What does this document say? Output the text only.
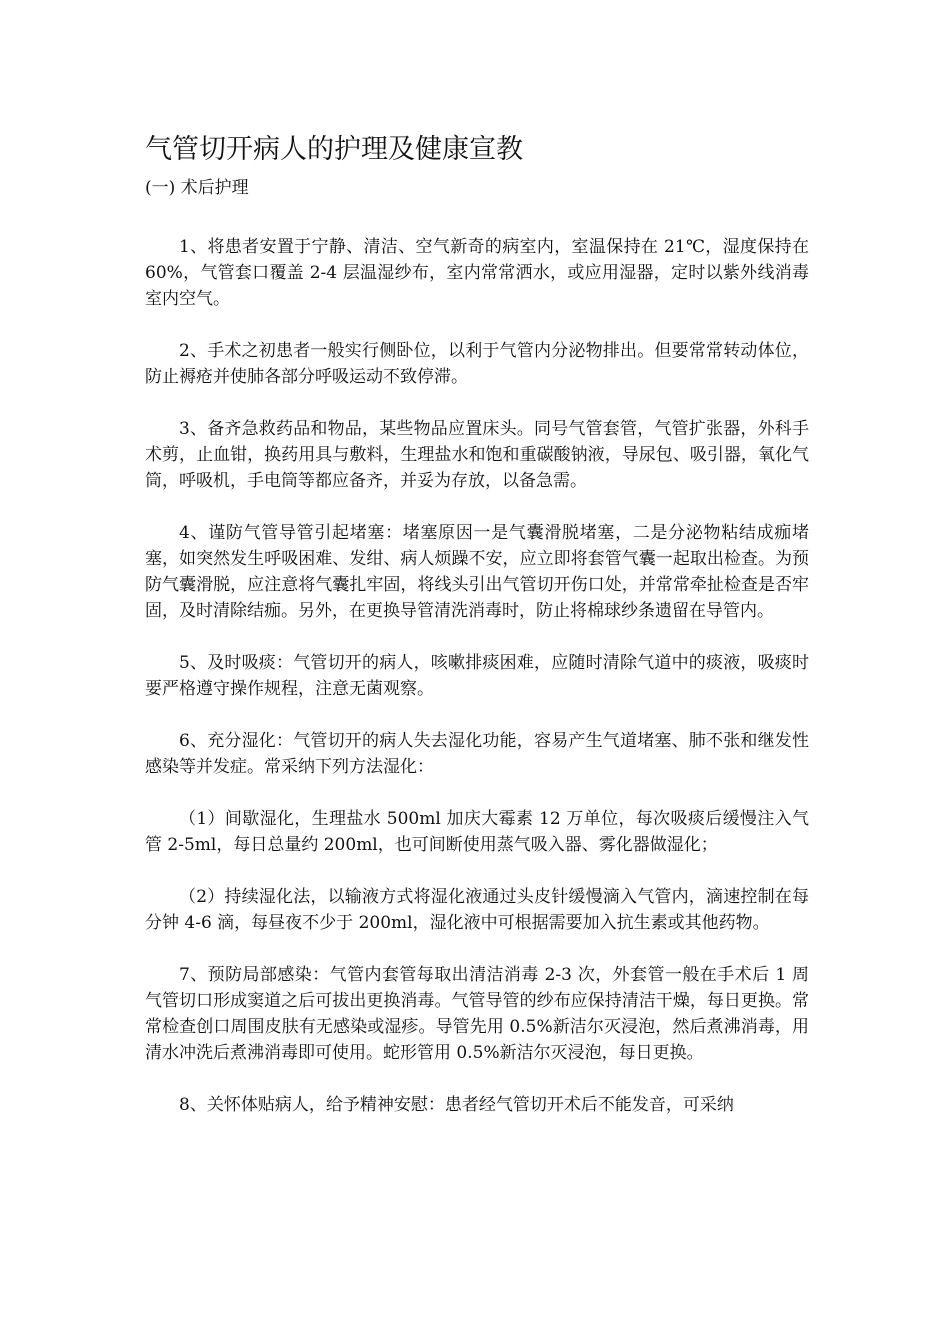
气管切开病人的护理及健康宣教
(一) 术后护理

1、将患者安置于宁静、清洁、空气新奇的病室内，室温保持在 21℃，湿度保持在 60%，气管套口覆盖 2-4 层温湿纱布，室内常常洒水，或应用湿器，定时以紫外线消毒室内空气。

2、手术之初患者一般实行侧卧位，以利于气管内分泌物排出。但要常常转动体位，防止褥疮并使肺各部分呼吸运动不致停滞。

3、备齐急救药品和物品，某些物品应置床头。同号气管套管，气管扩张器，外科手术剪，止血钳，换药用具与敷料，生理盐水和饱和重碳酸钠液，导尿包、吸引器，氧化气筒，呼吸机，手电筒等都应备齐，并妥为存放，以备急需。

4、谨防气管导管引起堵塞：堵塞原因一是气囊滑脱堵塞，二是分泌物粘结成痂堵塞，如突然发生呼吸困难、发绀、病人烦躁不安，应立即将套管气囊一起取出检查。为预防气囊滑脱，应注意将气囊扎牢固，将线头引出气管切开伤口处，并常常牵扯检查是否牢固，及时清除结痂。另外，在更换导管清洗消毒时，防止将棉球纱条遗留在导管内。

5、及时吸痰：气管切开的病人，咳嗽排痰困难，应随时清除气道中的痰液，吸痰时要严格遵守操作规程，注意无菌观察。

6、充分湿化：气管切开的病人失去湿化功能，容易产生气道堵塞、肺不张和继发性感染等并发症。常采纳下列方法湿化：

（1）间歇湿化，生理盐水 500ml 加庆大霉素 12 万单位，每次吸痰后缓慢注入气管 2-5ml，每日总量约 200ml，也可间断使用蒸气吸入器、雾化器做湿化；

（2）持续湿化法，以输液方式将湿化液通过头皮针缓慢滴入气管内，滴速控制在每分钟 4-6 滴，每昼夜不少于 200ml，湿化液中可根据需要加入抗生素或其他药物。

7、预防局部感染：气管内套管每取出清洁消毒 2-3 次，外套管一般在手术后 1 周气管切口形成窦道之后可拔出更换消毒。气管导管的纱布应保持清洁干燥，每日更换。常常检查创口周围皮肤有无感染或湿疹。导管先用 0.5%新洁尔灭浸泡，然后煮沸消毒，用清水冲洗后煮沸消毒即可使用。蛇形管用 0.5%新洁尔灭浸泡，每日更换。

8、关怀体贴病人，给予精神安慰：患者经气管切开术后不能发音，可采纳
